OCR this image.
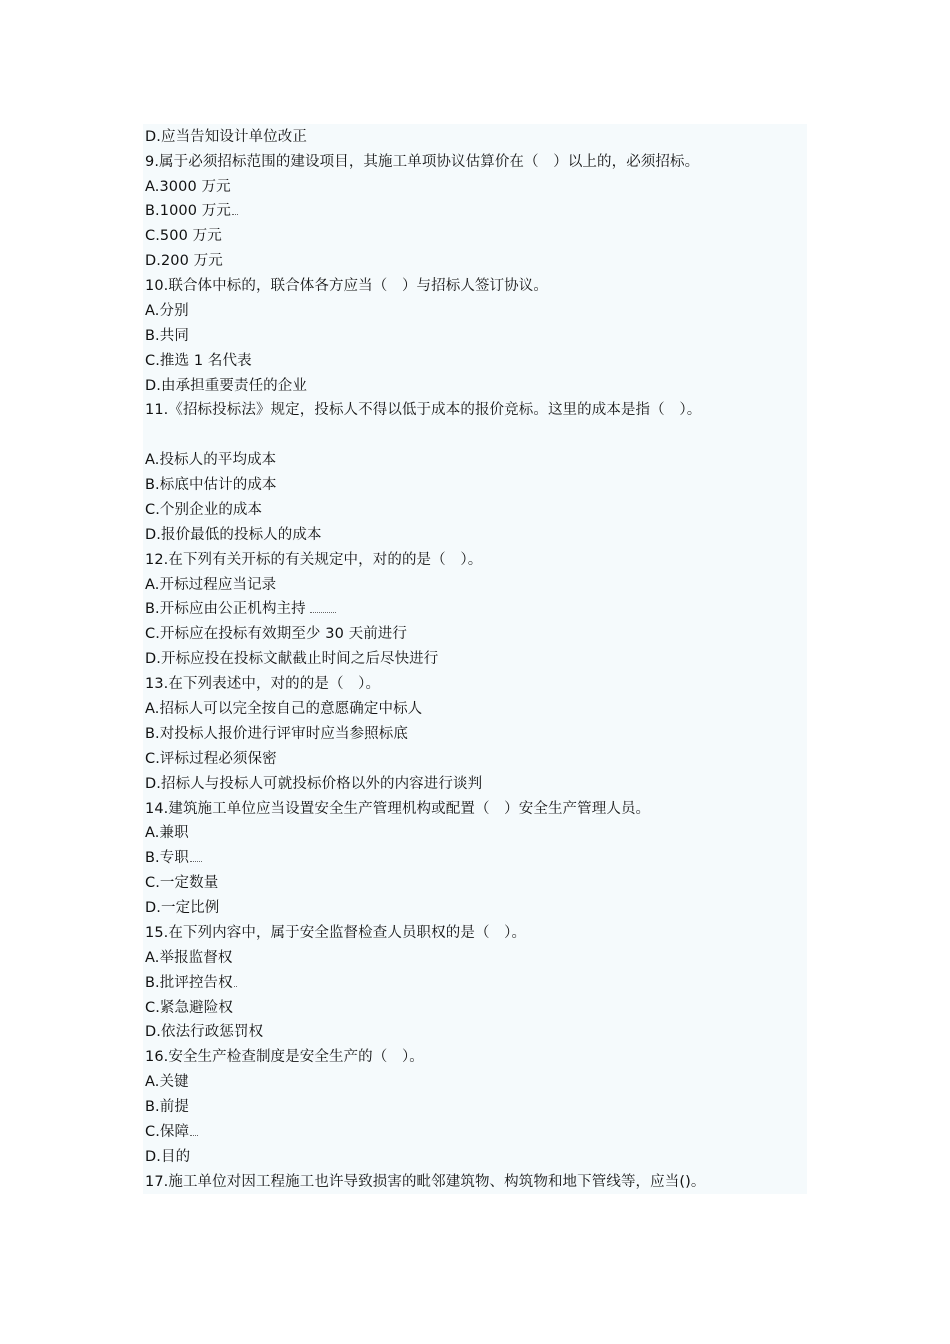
D.应当告知设计单位改正
9.属于必须招标范围的建设项目，其施工单项协议估算价在（　）以上的，必须招标。
A.3000 万元
B.1000 万元
C.500 万元
D.200 万元
10.联合体中标的，联合体各方应当（　）与招标人签订协议。
A.分别
B.共同
C.推选 1 名代表
D.由承担重要责任的企业
11.《招标投标法》规定，投标人不得以低于成本的报价竞标。这里的成本是指（　）。
A.投标人的平均成本
B.标底中估计的成本
C.个别企业的成本
D.报价最低的投标人的成本
12.在下列有关开标的有关规定中，对的的是（　）。
A.开标过程应当记录
B.开标应由公正机构主持
C.开标应在投标有效期至少 30 天前进行
D.开标应投在投标文献截止时间之后尽快进行
13.在下列表述中，对的的是（　）。
A.招标人可以完全按自己的意愿确定中标人
B.对投标人报价进行评审时应当参照标底
C.评标过程必须保密
D.招标人与投标人可就投标价格以外的内容进行谈判
14.建筑施工单位应当设置安全生产管理机构或配置（　）安全生产管理人员。
A.兼职
B.专职
C.一定数量
D.一定比例
15.在下列内容中，属于安全监督检查人员职权的是（　）。
A.举报监督权
B.批评控告权
C.紧急避险权
D.依法行政惩罚权
16.安全生产检查制度是安全生产的（　）。
A.关键
B.前提
C.保障
D.目的
17.施工单位对因工程施工也许导致损害的毗邻建筑物、构筑物和地下管线等，应当()。
